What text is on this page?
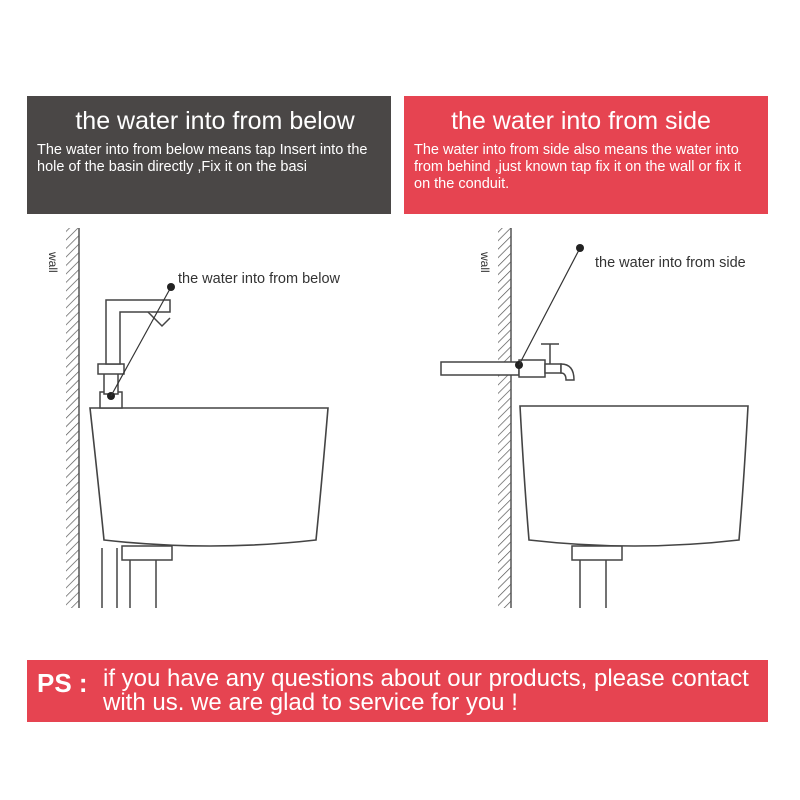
the water into from below
The water into from below means tap Insert into the hole of the basin directly ,Fix it on the basi
the water into from side
The water into from side also means the water into from behind ,just known tap fix it on the wall or fix it on the conduit.
wall
the water into from below
wall	the water into from side
PS : if you have any questions about our products, please contact with us. we are glad to service for you !
